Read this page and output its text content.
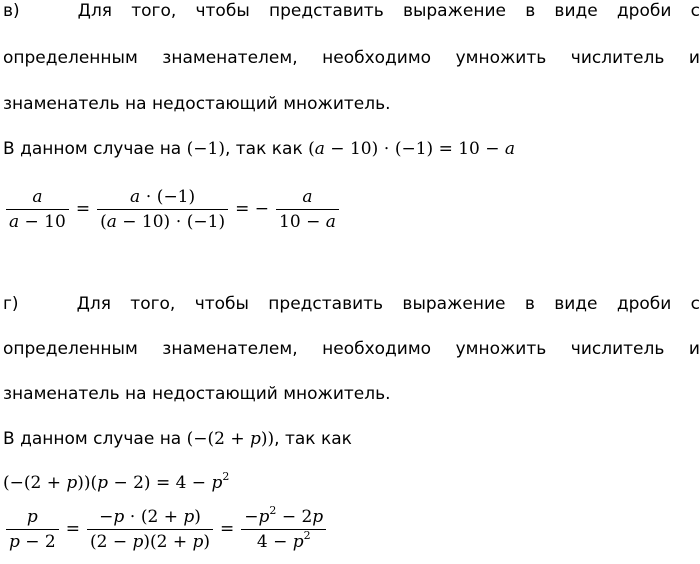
в)	Для того, чтобы представить выражение в виде дроби с
определенным знаменателем, необходимо умножить числитель и
знаменатель на недостающий множитель.
В данном случае на (−1), так как (𝑎 − 10) ⋅ (−1) = 10 − 𝑎
$\frac{\text{𝑎}}{\text{𝑎 − 10}} = \frac{\text{𝑎 ⋅ (−1)}}{\text{(𝑎 − 10) ⋅ (−1)}}$ = − $\frac{\text{𝑎}}{\text{10 − 𝑎}}$
г)	Для того, чтобы представить выражение в виде дроби с
определенным знаменателем, необходимо умножить числитель и
знаменатель на недостающий множитель.
В данном случае на (−(2 + 𝑝)), так как
(−(2 + 𝑝))(𝑝 − 2) = 4 − 𝑝$^2$
$\frac{\text{𝑝}}{\text{𝑝 − 2}} = \frac{\text{−𝑝 ⋅ (2 + 𝑝)}}{\text{(2 − 𝑝)(2 + 𝑝)}} = \frac{-𝑝^2 - 2𝑝}{4 - 𝑝^2}$
